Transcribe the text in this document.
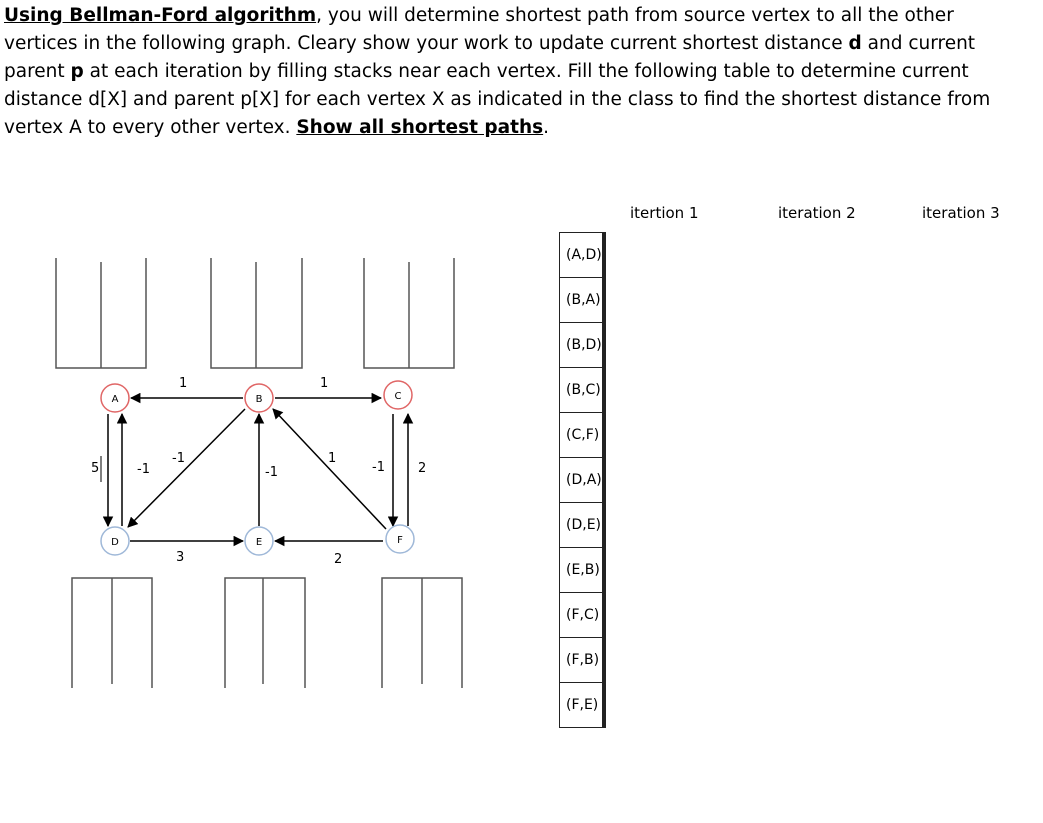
Using Bellman-Ford algorithm, you will determine shortest path from source vertex to all the other vertices in the following graph. Cleary show your work to update current shortest distance d and current parent p at each iteration by filling stacks near each vertex. Fill the following table to determine current distance d[X] and parent p[X] for each vertex X as indicated in the class to find the shortest distance from vertex A to every other vertex. Show all shortest paths.
1	1
5	-1
-1
-1
1
-1	2
3	2
A	B	C
D	E	F
itertion 1	iteration 2	iteration 3
(A,D)			
(B,A)			
(B,D)			
(B,C)			
(C,F)			
(D,A)			
(D,E)			
(E,B)			
(F,C)			
(F,B)			
(F,E)			
